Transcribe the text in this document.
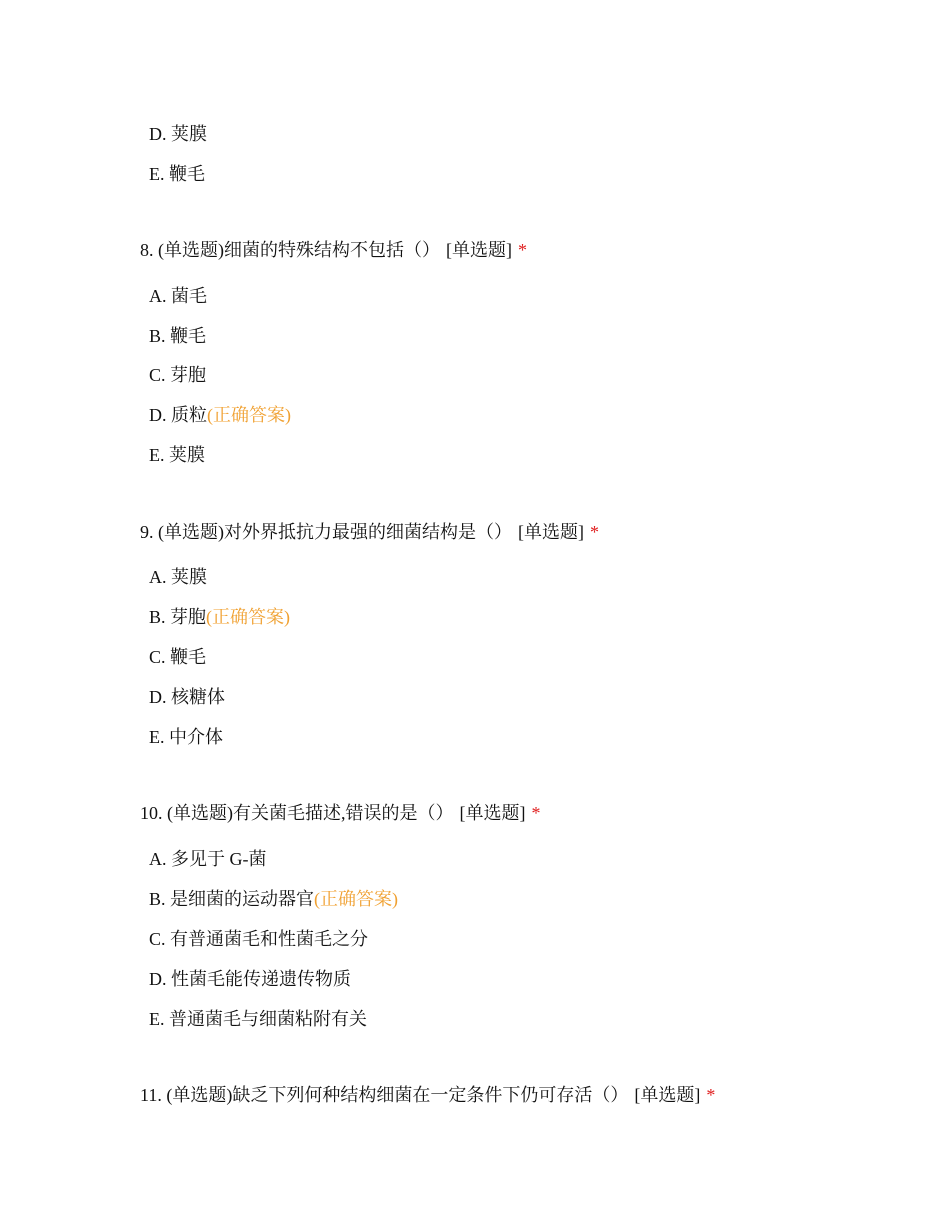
D. 荚膜
E. 鞭毛
8. (单选题)细菌的特殊结构不包括（） [单选题] *
A. 菌毛
B. 鞭毛
C. 芽胞
D. 质粒(正确答案)
E. 荚膜
9. (单选题)对外界抵抗力最强的细菌结构是（） [单选题] *
A. 荚膜
B. 芽胞(正确答案)
C. 鞭毛
D. 核糖体
E. 中介体
10. (单选题)有关菌毛描述,错误的是（） [单选题] *
A. 多见于 G-菌
B. 是细菌的运动器官(正确答案)
C. 有普通菌毛和性菌毛之分
D. 性菌毛能传递遗传物质
E. 普通菌毛与细菌粘附有关
11. (单选题)缺乏下列何种结构细菌在一定条件下仍可存活（） [单选题] *
